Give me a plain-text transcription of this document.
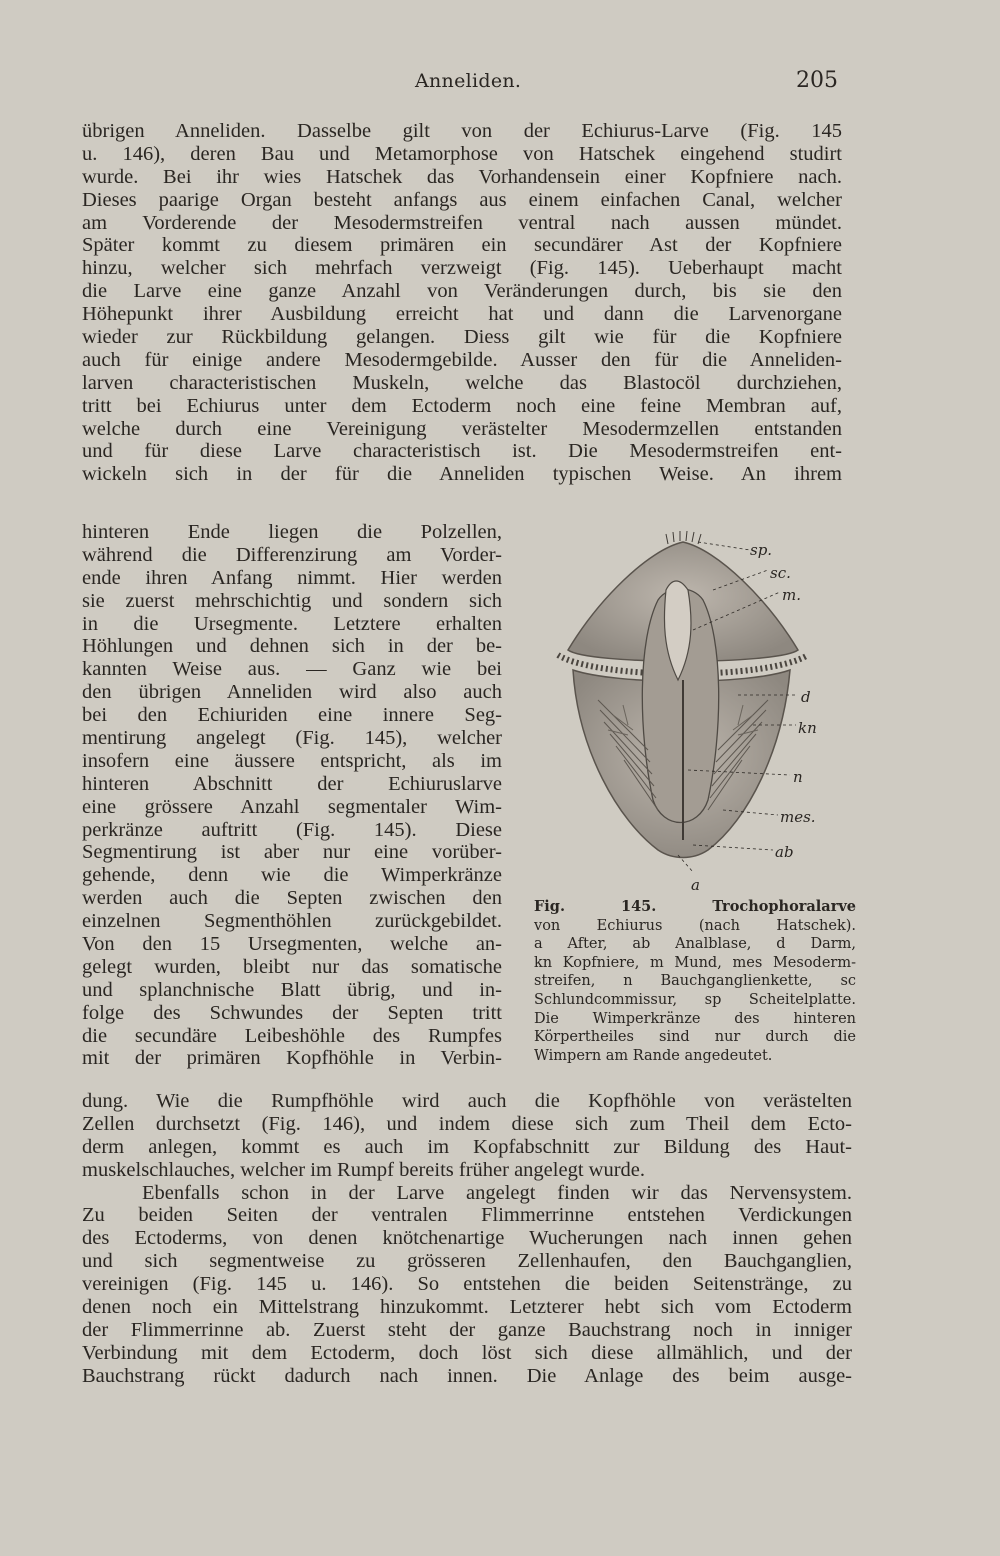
Anneliden.	205
übrigen Anneliden. Dasselbe gilt von der Echiurus-Larve (Fig. 145
u. 146), deren Bau und Metamorphose von Hatschek eingehend studirt
wurde. Bei ihr wies Hatschek das Vorhandensein einer Kopfniere nach.
Dieses paarige Organ besteht anfangs aus einem einfachen Canal, welcher
am Vorderende der Mesodermstreifen ventral nach aussen mündet.
Später kommt zu diesem primären ein secundärer Ast der Kopfniere
hinzu, welcher sich mehrfach verzweigt (Fig. 145). Ueberhaupt macht
die Larve eine ganze Anzahl von Veränderungen durch, bis sie den
Höhepunkt ihrer Ausbildung erreicht hat und dann die Larvenorgane
wieder zur Rückbildung gelangen. Diess gilt wie für die Kopfniere
auch für einige andere Mesodermgebilde. Ausser den für die Anneliden-
larven characteristischen Muskeln, welche das Blastocöl durchziehen,
tritt bei Echiurus unter dem Ectoderm noch eine feine Membran auf,
welche durch eine Vereinigung verästelter Mesodermzellen entstanden
und für diese Larve characteristisch ist. Die Mesodermstreifen ent-
wickeln sich in der für die Anneliden typischen Weise. An ihrem
hinteren Ende liegen die Polzellen,
während die Differenzirung am Vorder-
ende ihren Anfang nimmt. Hier werden
sie zuerst mehrschichtig und sondern sich
in die Ursegmente. Letztere erhalten
Höhlungen und dehnen sich in der be-
kannten Weise aus. — Ganz wie bei
den übrigen Anneliden wird also auch
bei den Echiuriden eine innere Seg-
mentirung angelegt (Fig. 145), welcher
insofern eine äussere entspricht, als im
hinteren Abschnitt der Echiuruslarve
eine grössere Anzahl segmentaler Wim-
perkränze auftritt (Fig. 145). Diese
Segmentirung ist aber nur eine vorüber-
gehende, denn wie die Wimperkränze
werden auch die Septen zwischen den
einzelnen Segmenthöhlen zurückgebildet.
Von den 15 Ursegmenten, welche an-
gelegt wurden, bleibt nur das somatische
und splanchnische Blatt übrig, und in-
folge des Schwundes der Septen tritt
die secundäre Leibeshöhle des Rumpfes
mit der primären Kopfhöhle in Verbin-
sp.
sc.
m.
d
kn
n
mes.
ab
a
Fig. 145. Trochophoralarve
von Echiurus (nach Hatschek).
a After, ab Analblase, d Darm,
kn Kopfniere, m Mund, mes Mesoderm-
streifen, n Bauchganglienkette, sc
Schlundcommissur, sp Scheitelplatte.
Die Wimperkränze des hinteren
Körpertheiles sind nur durch die
Wimpern am Rande angedeutet.
dung. Wie die Rumpfhöhle wird auch die Kopfhöhle von verästelten
Zellen durchsetzt (Fig. 146), und indem diese sich zum Theil dem Ecto-
derm anlegen, kommt es auch im Kopfabschnitt zur Bildung des Haut-
muskelschlauches, welcher im Rumpf bereits früher angelegt wurde.
Ebenfalls schon in der Larve angelegt finden wir das Nervensystem.
Zu beiden Seiten der ventralen Flimmerrinne entstehen Verdickungen
des Ectoderms, von denen knötchenartige Wucherungen nach innen gehen
und sich segmentweise zu grösseren Zellenhaufen, den Bauchganglien,
vereinigen (Fig. 145 u. 146). So entstehen die beiden Seitenstränge, zu
denen noch ein Mittelstrang hinzukommt. Letzterer hebt sich vom Ectoderm
der Flimmerrinne ab. Zuerst steht der ganze Bauchstrang noch in inniger
Verbindung mit dem Ectoderm, doch löst sich diese allmählich, und der
Bauchstrang rückt dadurch nach innen. Die Anlage des beim ausge-
